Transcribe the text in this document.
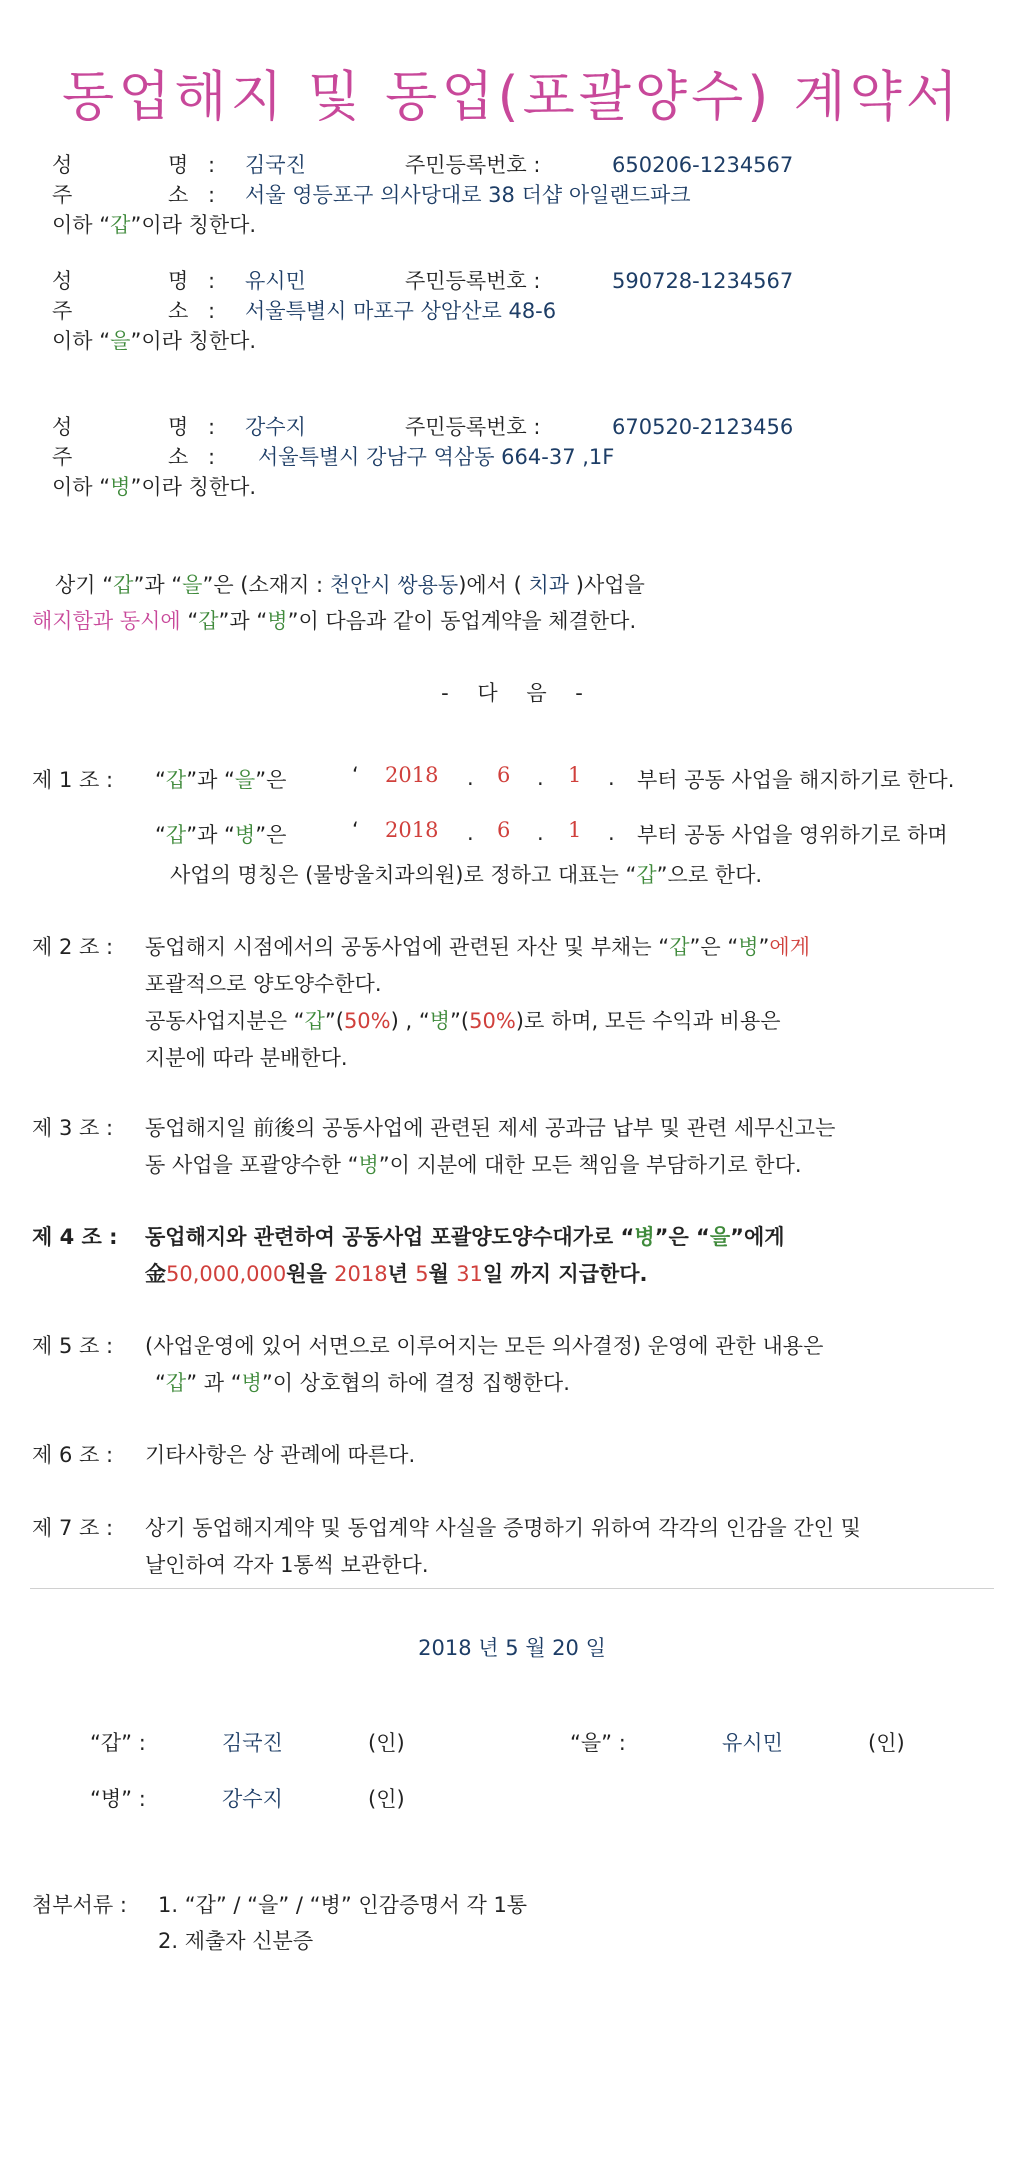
동업해지 및 동업(포괄양수) 계약서
성	명 : 김국진	주민등록번호 :	650206-1234567
주	소 : 서울 영등포구 의사당대로 38 더샵 아일랜드파크
이하 “갑”이라 칭한다.
성	명 : 유시민	주민등록번호 :	590728-1234567
주	소 : 서울특별시 마포구 상암산로 48-6
이하 “을”이라 칭한다.
성	명 : 강수지	주민등록번호 :	670520-2123456
주	소 : 서울특별시 강남구 역삼동 664-37 ,1F
이하 “병”이라 칭한다.
상기 “갑”과 “을”은 (소재지 : 천안시 쌍용동)에서 ( 치과 )사업을
해지함과 동시에 “갑”과 “병”이 다음과 같이 동업계약을 체결한다.
- 다 음 -
제 1 조 : “갑”과 “을”은	‘ 2018 . 6 . 1 . 부터 공동 사업을 해지하기로 한다.
“갑”과 “병”은	‘ 2018 . 6 . 1 . 부터 공동 사업을 영위하기로 하며
사업의 명칭은 (물방울치과의원)로 정하고 대표는 “갑”으로 한다.
제 2 조 : 동업해지 시점에서의 공동사업에 관련된 자산 및 부채는 “갑”은 “병”에게
포괄적으로 양도양수한다.
공동사업지분은 “갑”(50%) , “병”(50%)로 하며, 모든 수익과 비용은
지분에 따라 분배한다.
제 3 조 : 동업해지일 前後의 공동사업에 관련된 제세 공과금 납부 및 관련 세무신고는
동 사업을 포괄양수한 “병”이 지분에 대한 모든 책임을 부담하기로 한다.
제 4 조 : 동업해지와 관련하여 공동사업 포괄양도양수대가로 “병”은 “을”에게
金50,000,000원을 2018년 5월 31일 까지 지급한다.
제 5 조 : (사업운영에 있어 서면으로 이루어지는 모든 의사결정) 운영에 관한 내용은
“갑” 과 “병”이 상호협의 하에 결정 집행한다.
제 6 조 : 기타사항은 상 관례에 따른다.
제 7 조 : 상기 동업해지계약 및 동업계약 사실을 증명하기 위하여 각각의 인감을 간인 및
날인하여 각자 1통씩 보관한다.
2018 년 5 월 20 일
“갑” :	김국진	(인)	“을” :	유시민	(인)
“병” :	강수지	(인)
첨부서류 : 1. “갑” / “을” / “병” 인감증명서 각 1통
2. 제출자 신분증
